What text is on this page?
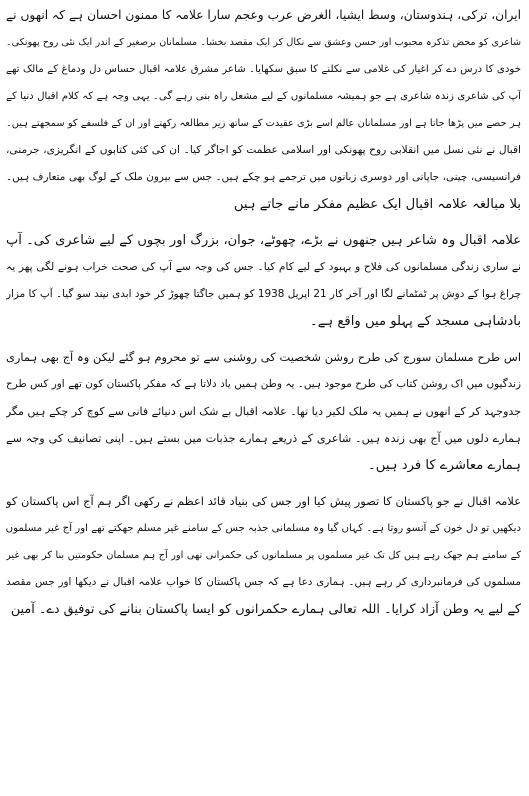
ایران، ترکی، ہندوستان، وسط ایشیا، الغرض عرب وعجم سارا علامہ کا ممنون احسان ہے کہ انھوں نے
شاعری کو محض تذکرہ محبوب اور حسن وعشق سے نکال کر ایک مقصد بخشا۔ مسلمانان برصغیر کے اندر ایک نئی روح پھونکی۔
خودی کا درس دے کر اغیار کی غلامی سے نکلنے کا سبق سکھایا۔ شاعر مشرق علامہ اقبال حساس دل ودماغ کے مالک تھے
آپ کی شاعری زندہ شاعری ہے جو ہمیشہ مسلمانوں کے لیے مشعل راہ بنی رہے گی۔ یہی وجہ ہے کہ کلام اقبال دنیا کے
ہر حصے میں پڑھا جاتا ہے اور مسلمانان عالم اسے بڑی عقیدت کے ساتھ زیر مطالعہ رکھتے اور ان کے فلسفے کو سمجھتے ہیں۔
اقبال نے نئی نسل میں انقلابی روح پھونکی اور اسلامی عظمت کو اجاگر کیا۔ ان کی کئی کتابوں کے انگریزی، جرمنی،
فرانسیسی، چینی، جاپانی اور دوسری زبانوں میں ترجمے ہو چکے ہیں۔ جس سے بیرون ملک کے لوگ بھی متعارف ہیں۔
بلا مبالغہ علامہ اقبال ایک عظیم مفکر مانے جاتے ہیں
علامہ اقبال وہ شاعر ہیں جنھوں نے بڑے، چھوٹے، جوان، بزرگ اور بچوں کے لیے شاعری کی۔ آپ
نے ساری زندگی مسلمانوں کی فلاح و بہبود کے لیے کام کیا۔ جس کی وجہ سے آپ کی صحت خراب ہونے لگی پھر یہ
چراغ ہوا کے دوش پر ٹمٹمانے لگا اور آخر کار 21 اپریل 1938 کو ہمیں جاگتا چھوڑ کر خود ابدی نیند سو گیا۔ آپ کا مزار
بادشاہی مسجد کے پہلو میں واقع ہے۔
اس طرح مسلمان سورج کی طرح روشن شخصیت کی روشنی سے تو محروم ہو گئے لیکن وہ آج بھی ہماری
زندگیوں میں اک روشن کتاب کی طرح موجود ہیں۔ یہ وطن ہمیں یاد دلاتا ہے کہ مفکر پاکستان کون تھے اور کس طرح
جدوجہد کر کے انھوں نے ہمیں یہ ملک لکیر دیا تھا۔ علامہ اقبال بے شک اس دنیائے فانی سے کوچ کر چکے ہیں مگر
ہمارے دلوں میں آج بھی زندہ ہیں۔ شاعری کے ذریعے ہمارے جذبات میں بستے ہیں۔ اپنی تصانیف کی وجہ سے
ہمارے معاشرے کا فرد ہیں۔
علامہ اقبال نے جو پاکستان کا تصور پیش کیا اور جس کی بنیاد قائد اعظم نے رکھی اگر ہم آج اس پاکستان کو
دیکھیں تو دل خون کے آنسو روتا ہے۔ کہاں گیا وہ مسلمانی جذبہ جس کے سامنے غیر مسلم جھکتے تھے اور آج غیر مسلموں
کے سامنے ہم جھک رہے ہیں کل تک غیر مسلموں پر مسلمانوں کی حکمرانی تھی اور آج ہم مسلمان حکومتیں بنا کر بھی غیر
مسلموں کی فرمانبرداری کر رہے ہیں۔ ہماری دعا ہے کہ جس پاکستان کا خواب علامہ اقبال نے دیکھا اور جس مقصد
کے لیے یہ وطن آزاد کرایا۔ اللہ تعالی ہمارے حکمرانوں کو ایسا پاکستان بنانے کی توفیق دے۔ آمین
